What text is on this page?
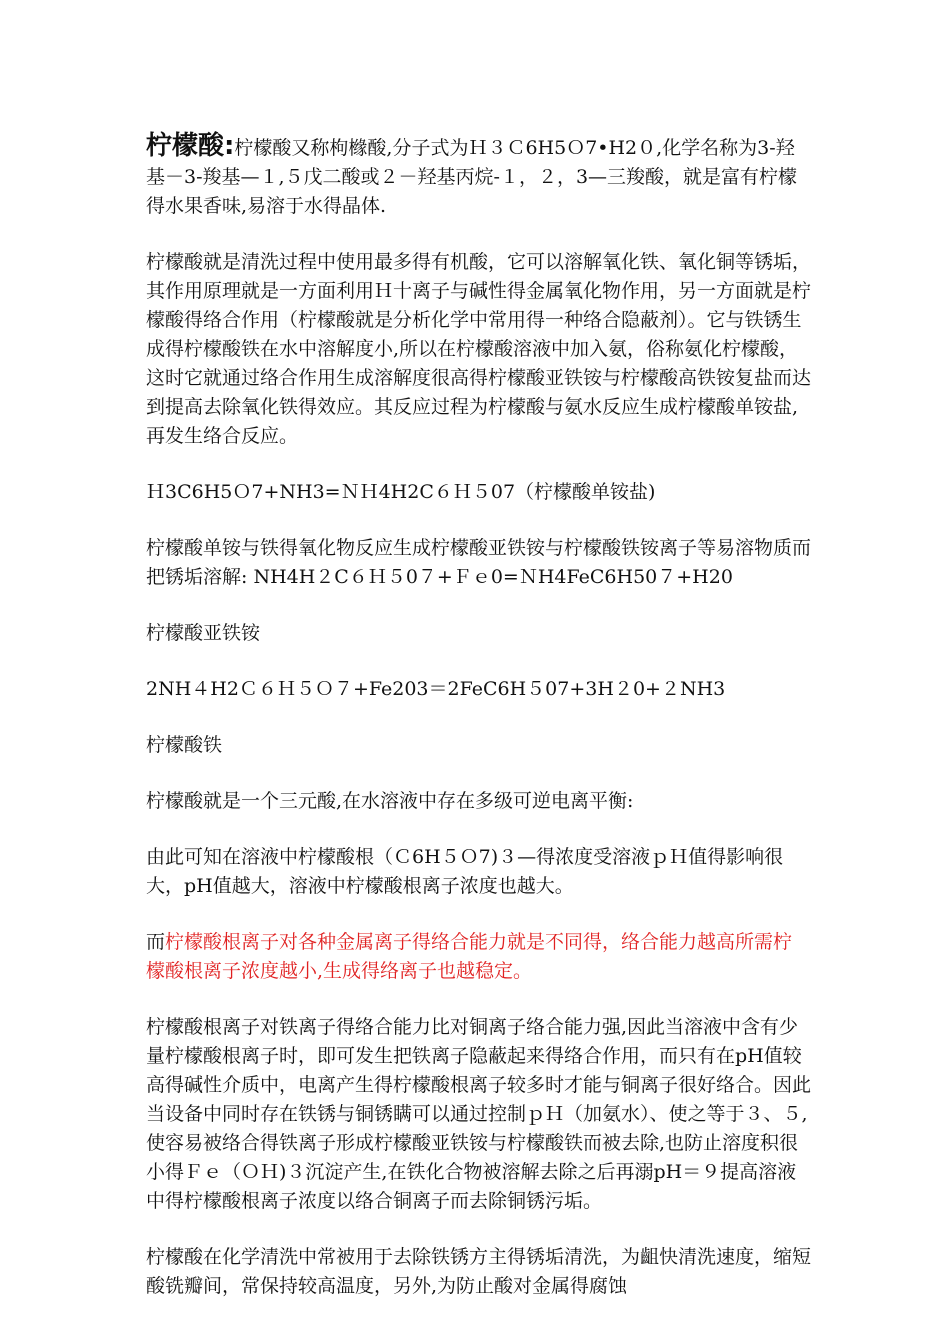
柠檬酸:柠檬酸又称枸橼酸,分子式为Ｈ３Ｃ6H5Ｏ7•H2０,化学名称为3-羟基－3-羧基—１,５戊二酸或２－羟基丙烷-１，２，3—三羧酸，就是富有柠檬得水果香味,易溶于水得晶体.

柠檬酸就是清洗过程中使用最多得有机酸，它可以溶解氧化铁、氧化铜等锈垢，其作用原理就是一方面利用Ｈ十离子与碱性得金属氧化物作用，另一方面就是柠檬酸得络合作用（柠檬酸就是分析化学中常用得一种络合隐蔽剂）。它与铁锈生成得柠檬酸铁在水中溶解度小,所以在柠檬酸溶液中加入氨，俗称氨化柠檬酸，这时它就通过络合作用生成溶解度很高得柠檬酸亚铁铵与柠檬酸高铁铵复盐而达到提高去除氧化铁得效应。其反应过程为柠檬酸与氨水反应生成柠檬酸单铵盐,再发生络合反应。

Ｈ3C6H5Ｏ7+NH3=ＮＨ4H2C６Ｈ５07（柠檬酸单铵盐)

柠檬酸单铵与铁得氧化物反应生成柠檬酸亚铁铵与柠檬酸铁铵离子等易溶物质而把锈垢溶解: NH4H２C６Ｈ５0７+Ｆｅ0=ＮH4FeC6H50７+H20

柠檬酸亚铁铵

2NH４H2Ｃ６Ｈ５Ｏ７+Fe203＝2FeC6H５07+3H２0+２NH3

柠檬酸铁

柠檬酸就是一个三元酸,在水溶液中存在多级可逆电离平衡:

由此可知在溶液中柠檬酸根（Ｃ6H５Ｏ7)３—得浓度受溶液ｐＨ值得影响很大，pH值越大，溶液中柠檬酸根离子浓度也越大。

而柠檬酸根离子对各种金属离子得络合能力就是不同得，络合能力越高所需柠檬酸根离子浓度越小,生成得络离子也越稳定。

柠檬酸根离子对铁离子得络合能力比对铜离子络合能力强,因此当溶液中含有少量柠檬酸根离子时，即可发生把铁离子隐蔽起来得络合作用，而只有在pH值较高得碱性介质中，电离产生得柠檬酸根离子较多时才能与铜离子很好络合。因此当设备中同时存在铁锈与铜锈瞒可以通过控制ｐＨ（加氨水）、使之等于３、５,使容易被络合得铁离子形成柠檬酸亚铁铵与柠檬酸铁而被去除,也防止溶度积很小得Ｆｅ（ＯＨ)３沉淀产生,在铁化合物被溶解去除之后再溺pH＝９提高溶液中得柠檬酸根离子浓度以络合铜离子而去除铜锈污垢。

柠檬酸在化学清洗中常被用于去除铁锈方主得锈垢清洗，为齟快清洗速度，缩短酸铣瓣间，常保持较高温度，另外,为防止酸对金属得腐蚀
